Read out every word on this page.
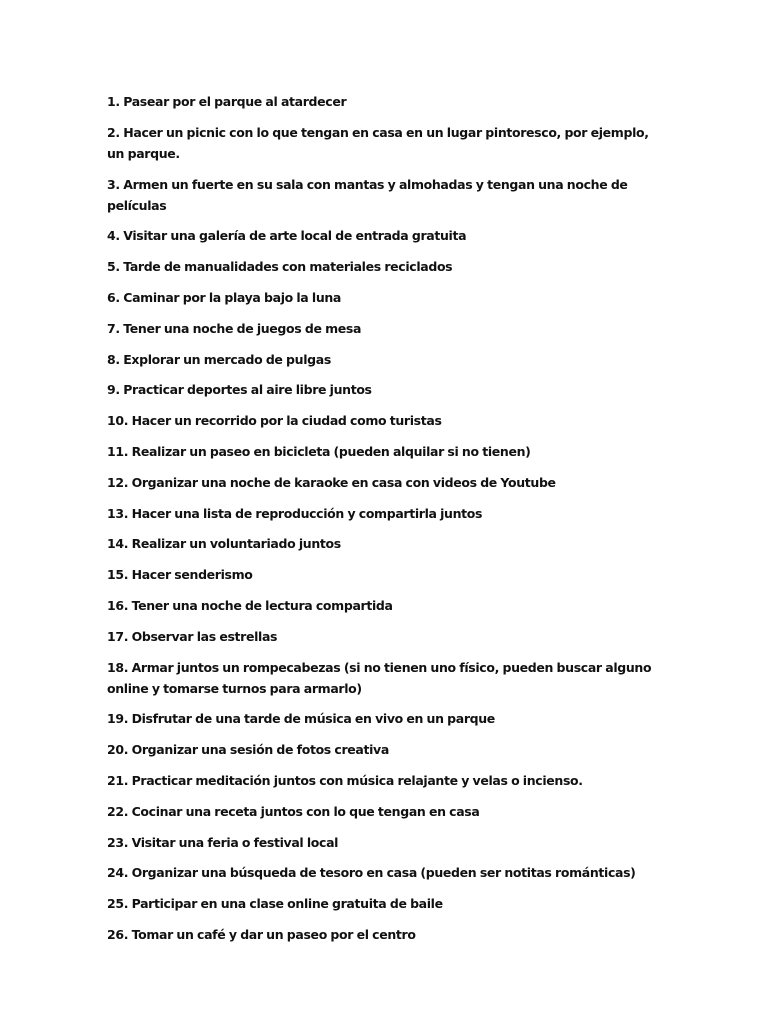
1. Pasear por el parque al atardecer
2. Hacer un picnic con lo que tengan en casa en un lugar pintoresco, por ejemplo, un parque.
3. Armen un fuerte en su sala con mantas y almohadas y tengan una noche de películas
4. Visitar una galería de arte local de entrada gratuita
5. Tarde de manualidades con materiales reciclados
6. Caminar por la playa bajo la luna
7. Tener una noche de juegos de mesa
8. Explorar un mercado de pulgas
9. Practicar deportes al aire libre juntos
10. Hacer un recorrido por la ciudad como turistas
11. Realizar un paseo en bicicleta (pueden alquilar si no tienen)
12. Organizar una noche de karaoke en casa con videos de Youtube
13. Hacer una lista de reproducción y compartirla juntos
14. Realizar un voluntariado juntos
15. Hacer senderismo
16. Tener una noche de lectura compartida
17. Observar las estrellas
18. Armar juntos un rompecabezas (si no tienen uno físico, pueden buscar alguno online y tomarse turnos para armarlo)
19. Disfrutar de una tarde de música en vivo en un parque
20. Organizar una sesión de fotos creativa
21. Practicar meditación juntos con música relajante y velas o incienso.
22. Cocinar una receta juntos con lo que tengan en casa
23. Visitar una feria o festival local
24. Organizar una búsqueda de tesoro en casa (pueden ser notitas románticas)
25. Participar en una clase online gratuita de baile
26. Tomar un café y dar un paseo por el centro
